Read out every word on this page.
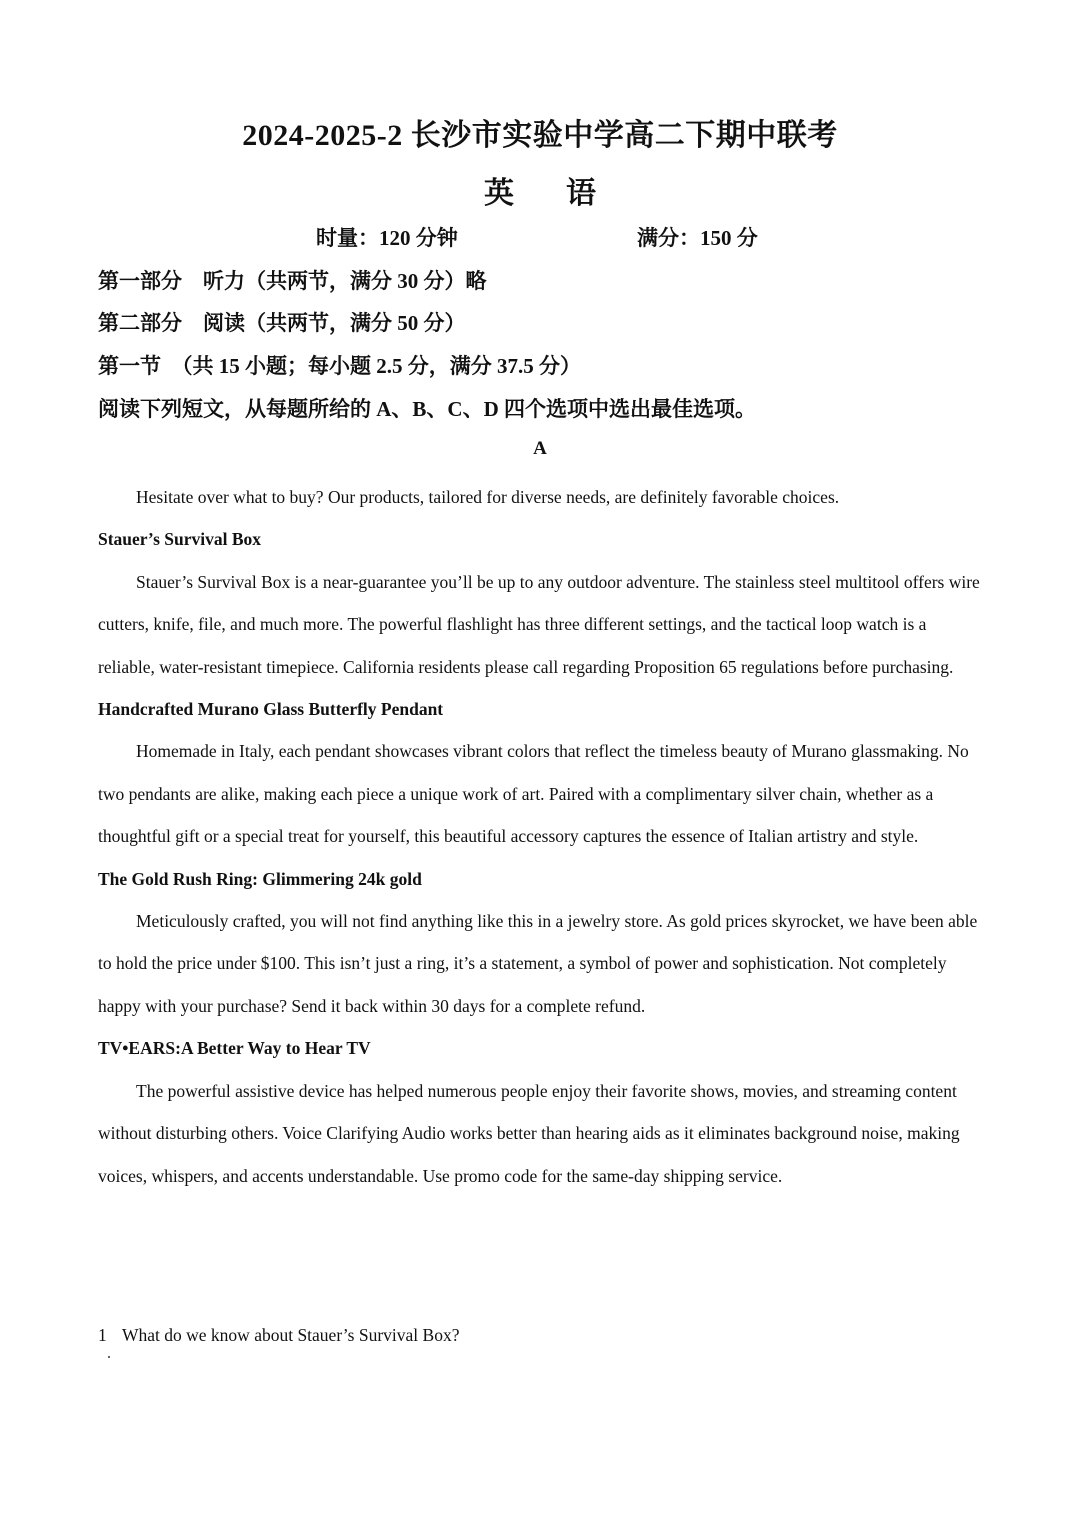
2024-2025-2 长沙市实验中学高二下期中联考
英 语
时量：120 分钟	满分：150 分
第一部分　听力（共两节，满分 30 分）略
第二部分　阅读（共两节，满分 50 分）
第一节　（共 15 小题；每小题 2.5 分，满分 37.5 分）
阅读下列短文，从每题所给的 A、B、C、D 四个选项中选出最佳选项。
A

Hesitate over what to buy? Our products, tailored for diverse needs, are definitely favorable choices.

Stauer’s Survival Box

Stauer’s Survival Box is a near-guarantee you’ll be up to any outdoor adventure. The stainless steel multitool offers wire cutters, knife, file, and much more. The powerful flashlight has three different settings, and the tactical loop watch is a reliable, water-resistant timepiece. California residents please call regarding Proposition 65 regulations before purchasing.

Handcrafted Murano Glass Butterfly Pendant

Homemade in Italy, each pendant showcases vibrant colors that reflect the timeless beauty of Murano glassmaking. No two pendants are alike, making each piece a unique work of art. Paired with a complimentary silver chain, whether as a thoughtful gift or a special treat for yourself, this beautiful accessory captures the essence of Italian artistry and style.

The Gold Rush Ring: Glimmering 24k gold

Meticulously crafted, you will not find anything like this in a jewelry store. As gold prices skyrocket, we have been able to hold the price under $100. This isn’t just a ring, it’s a statement, a symbol of power and sophistication. Not completely happy with your purchase? Send it back within 30 days for a complete refund.

TV•EARS:A Better Way to Hear TV

The powerful assistive device has helped numerous people enjoy their favorite shows, movies, and streaming content without disturbing others. Voice Clarifying Audio works better than hearing aids as it eliminates background noise, making voices, whispers, and accents understandable. Use promo code for the same-day shipping service.

1 What do we know about Stauer’s Survival Box?
